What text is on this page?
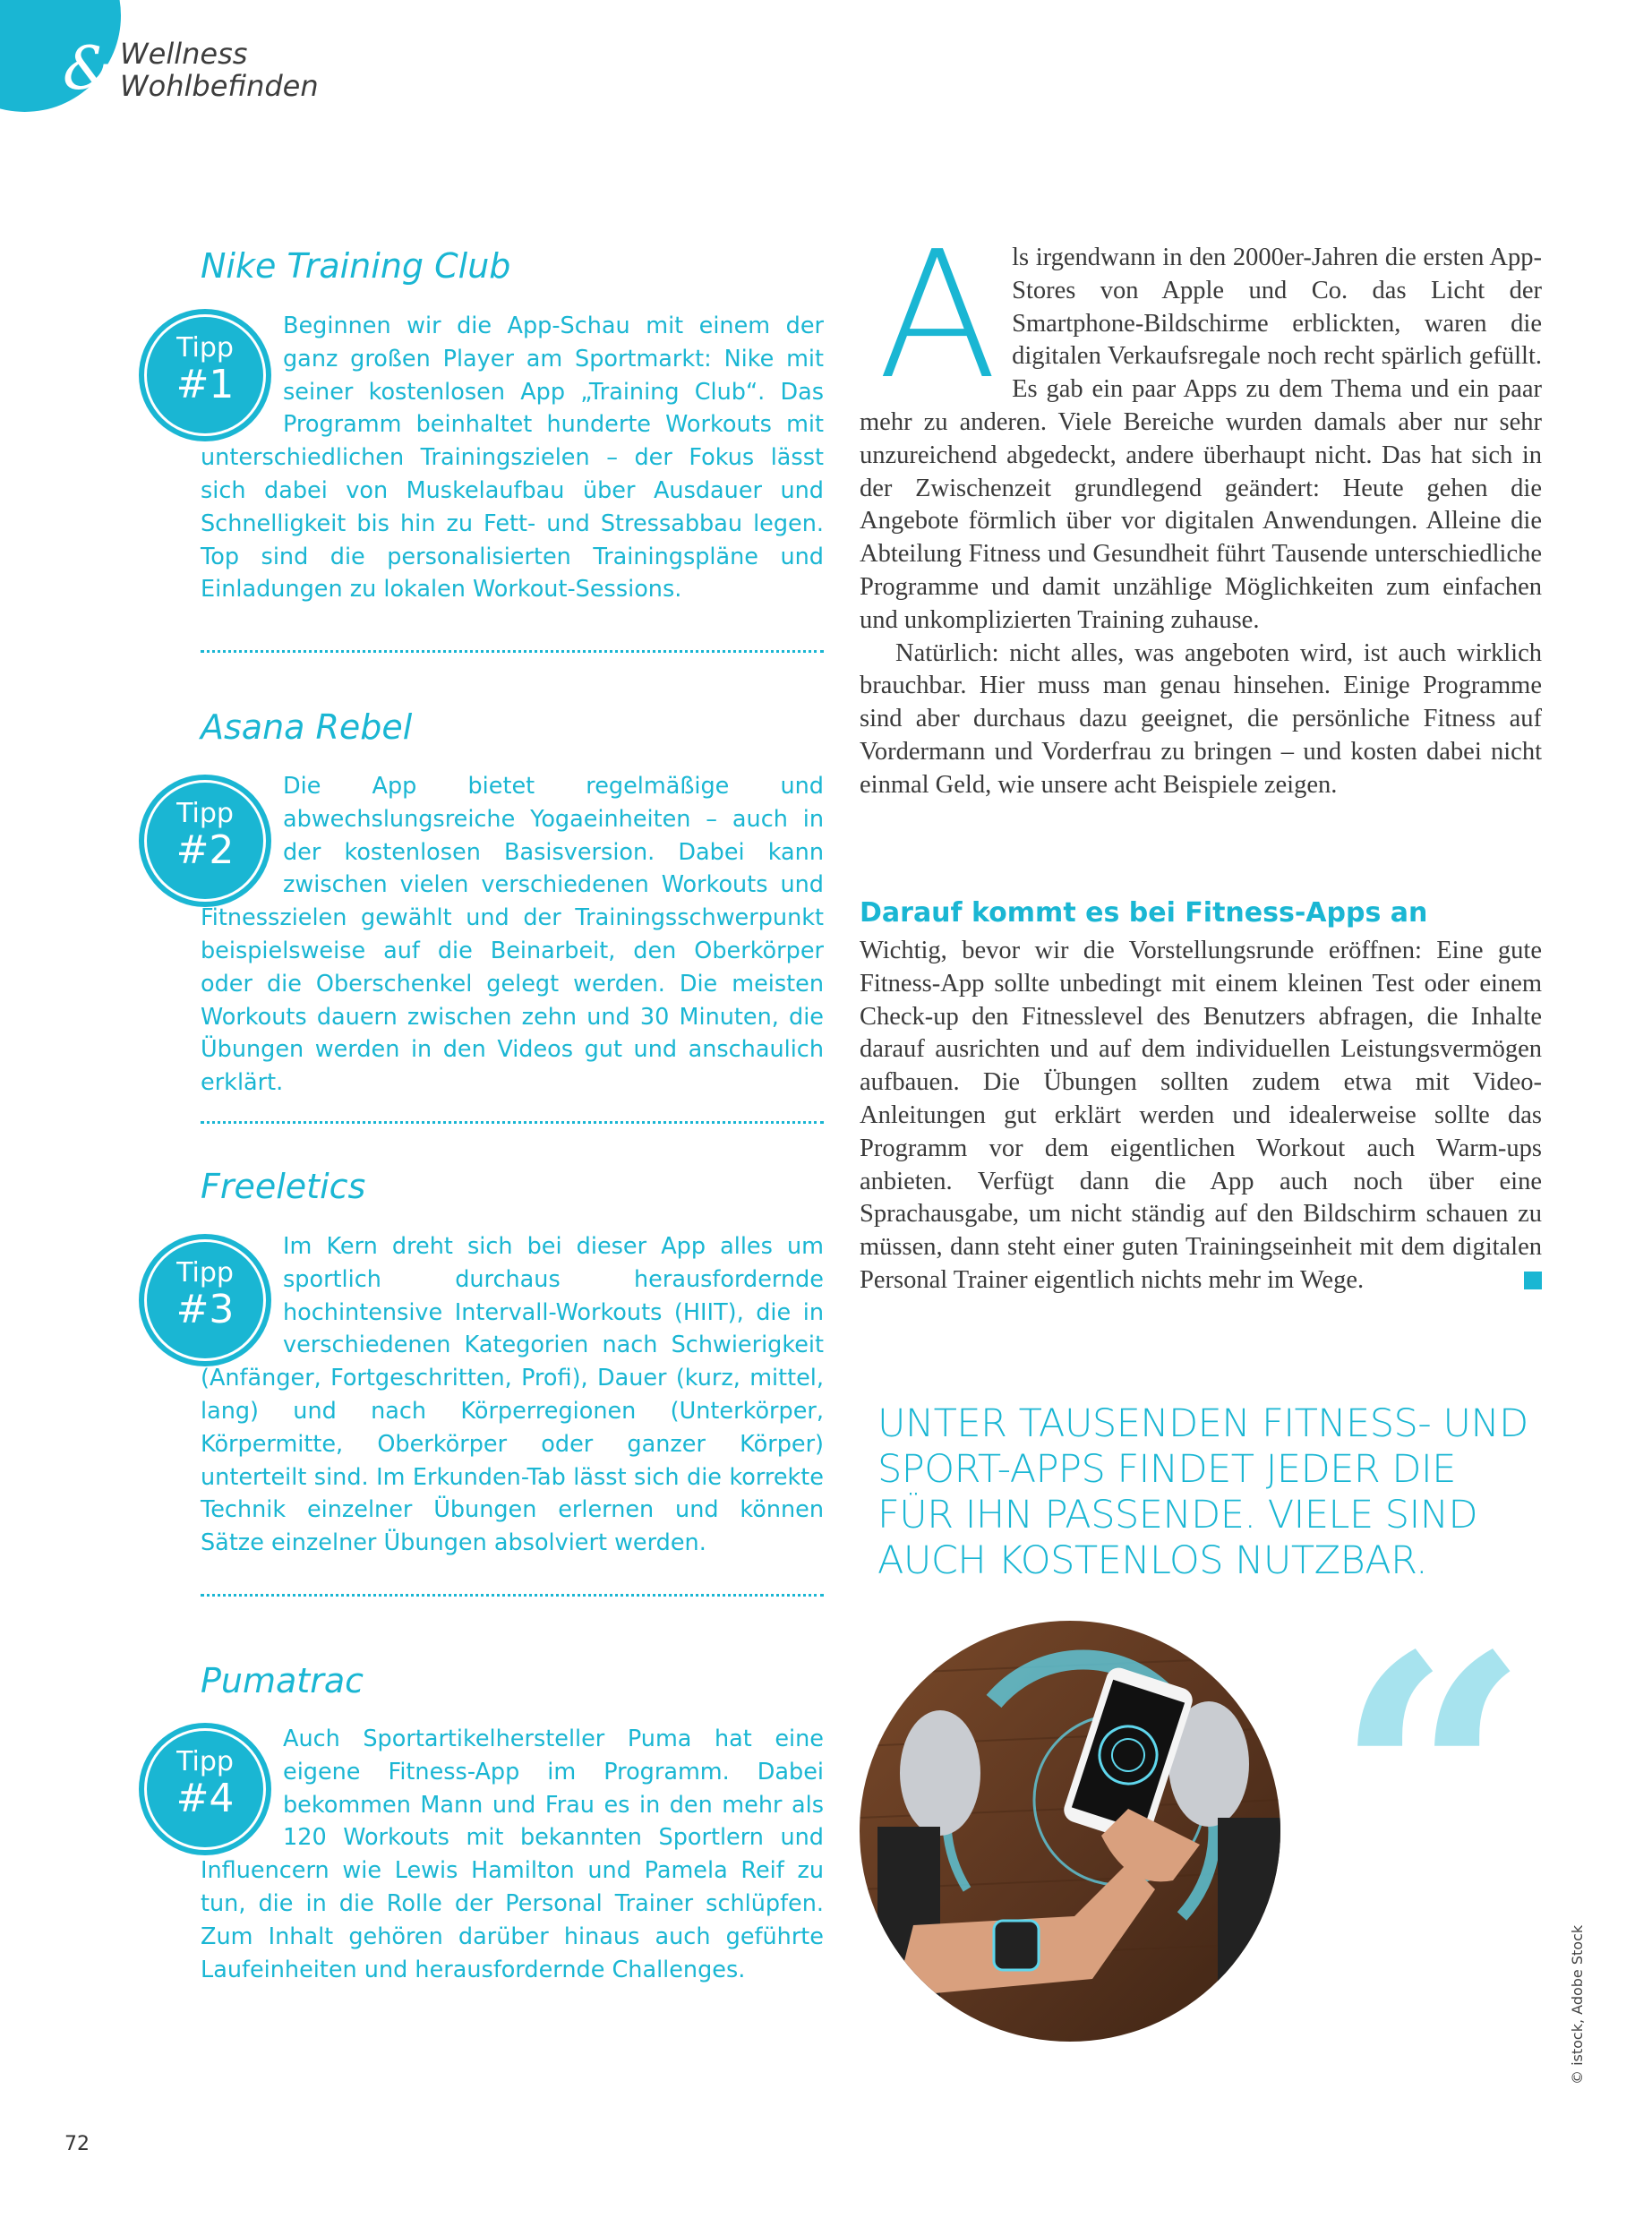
& Wellness
Wohlbefinden
Nike Training Club
Tipp
#1

Beginnen wir die App-Schau mit einem der ganz großen Player am Sportmarkt: Nike mit seiner kostenlosen App „Training Club“. Das Programm beinhaltet hunderte Workouts mit unterschiedlichen Trainingszielen – der Fokus lässt sich dabei von Muskelaufbau über Ausdauer und Schnelligkeit bis hin zu Fett- und Stressabbau legen. Top sind die personalisierten Trainingspläne und Einladungen zu lokalen Workout-Sessions.

Asana Rebel
Tipp
#2

Die App bietet regelmäßige und abwechslungsreiche Yogaeinheiten – auch in der kostenlosen Basisversion. Dabei kann zwischen vielen verschiedenen Workouts und Fitnesszielen gewählt und der Trainingsschwerpunkt beispielsweise auf die Beinarbeit, den Oberkörper oder die Oberschenkel gelegt werden. Die meisten Workouts dauern zwischen zehn und 30 Minuten, die Übungen werden in den Videos gut und anschaulich erklärt.

Freeletics
Tipp
#3

Im Kern dreht sich bei dieser App alles um sportlich durchaus herausfordernde hochintensive Intervall-Workouts (HIIT), die in verschiedenen Kategorien nach Schwierigkeit (Anfänger, Fortgeschritten, Profi), Dauer (kurz, mittel, lang) und nach Körperregionen (Unterkörper, Körpermitte, Oberkörper oder ganzer Körper) unterteilt sind. Im Erkunden-Tab lässt sich die korrekte Technik einzelner Übungen erlernen und können Sätze einzelner Übungen absolviert werden.

Pumatrac
Tipp
#4

Auch Sportartikelhersteller Puma hat eine eigene Fitness-App im Programm. Dabei bekommen Mann und Frau es in den mehr als 120 Workouts mit bekannten Sportlern und Influencern wie Lewis Hamilton und Pamela Reif zu tun, die in die Rolle der Personal Trainer schlüpfen. Zum Inhalt gehören darüber hinaus auch geführte Laufeinheiten und herausfordernde Challenges.

A ls irgendwann in den 2000er-Jahren die ersten App-Stores von Apple und Co. das Licht der Smartphone-Bildschirme erblickten, waren die digitalen Verkaufsregale noch recht spärlich gefüllt. Es gab ein paar Apps zu dem Thema und ein paar mehr zu anderen. Viele Bereiche wurden damals aber nur sehr unzureichend abgedeckt, andere überhaupt nicht. Das hat sich in der Zwischenzeit grundlegend geändert: Heute gehen die Angebote förmlich über vor digitalen Anwendungen. Alleine die Abteilung Fitness und Gesundheit führt Tausende unterschiedliche Programme und damit unzählige Möglichkeiten zum einfachen und unkomplizierten Training zuhause.

Natürlich: nicht alles, was angeboten wird, ist auch wirklich brauchbar. Hier muss man genau hinsehen. Einige Programme sind aber durchaus dazu geeignet, die persönliche Fitness auf Vordermann und Vorderfrau zu bringen – und kosten dabei nicht einmal Geld, wie unsere acht Beispiele zeigen.

Darauf kommt es bei Fitness-Apps an

Wichtig, bevor wir die Vorstellungsrunde eröffnen: Eine gute Fitness-App sollte unbedingt mit einem kleinen Test oder einem Check-up den Fitnesslevel des Benutzers abfragen, die Inhalte darauf ausrichten und auf dem individuellen Leistungsvermögen aufbauen. Die Übungen sollten zudem etwa mit Video-Anleitungen gut erklärt werden und idealerweise sollte das Programm vor dem eigentlichen Workout auch Warm-ups anbieten. Verfügt dann die App auch noch über eine Sprachausgabe, um nicht ständig auf den Bildschirm schauen zu müssen, dann steht einer guten Trainingseinheit mit dem digitalen Personal Trainer eigentlich nichts mehr im Wege.

UNTER TAUSENDEN FITNESS- UND SPORT-APPS FINDET JEDER DIE FÜR IHN PASSENDE. VIELE SIND AUCH KOSTENLOS NUTZBAR.

“
© istock, Adobe Stock
72
